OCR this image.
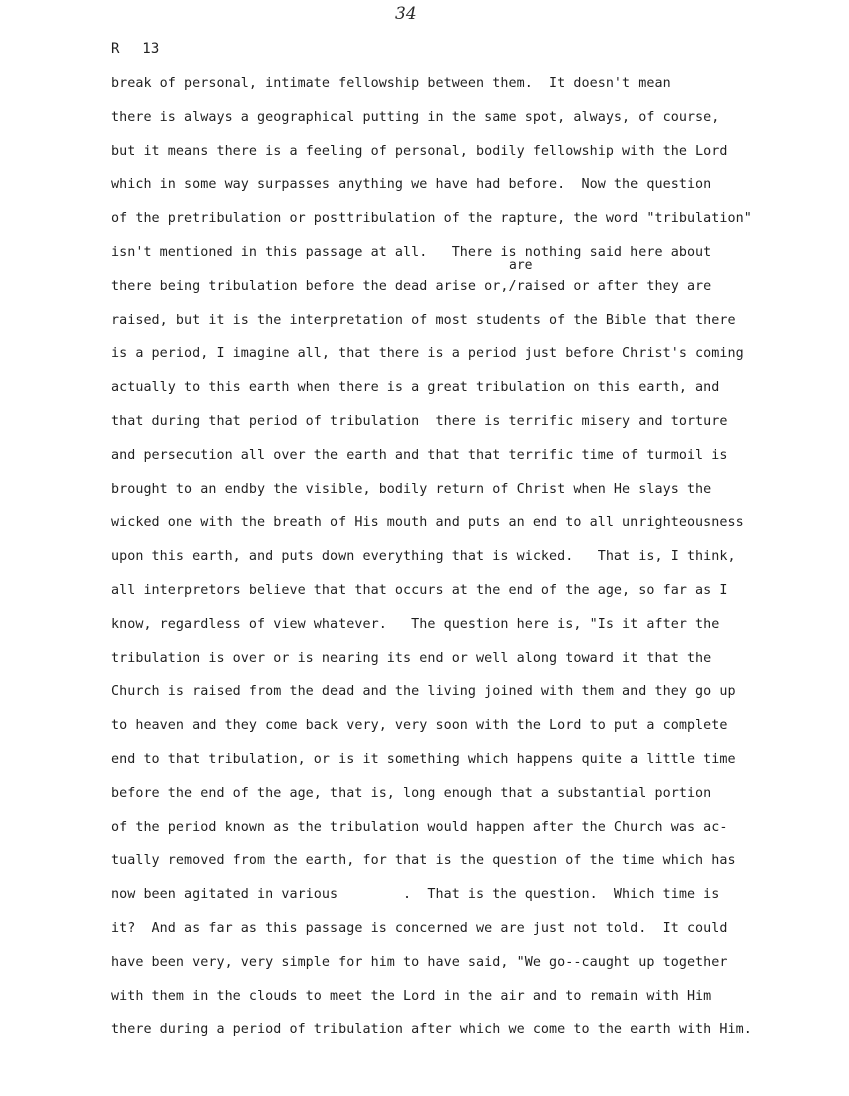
34
R 13
are
break of personal, intimate fellowship between them.  It doesn't mean
there is always a geographical putting in the same spot, always, of course,
but it means there is a feeling of personal, bodily fellowship with the Lord
which in some way surpasses anything we have had before.  Now the question
of the pretribulation or posttribulation of the rapture, the word "tribulation"
isn't mentioned in this passage at all.   There is nothing said here about
there being tribulation before the dead arise or,/raised or after they are
raised, but it is the interpretation of most students of the Bible that there
is a period, I imagine all, that there is a period just before Christ's coming
actually to this earth when there is a great tribulation on this earth, and
that during that period of tribulation  there is terrific misery and torture
and persecution all over the earth and that that terrific time of turmoil is
brought to an endby the visible, bodily return of Christ when He slays the
wicked one with the breath of His mouth and puts an end to all unrighteousness
upon this earth, and puts down everything that is wicked.   That is, I think,
all interpretors believe that that occurs at the end of the age, so far as I
know, regardless of view whatever.   The question here is, "Is it after the
tribulation is over or is nearing its end or well along toward it that the
Church is raised from the dead and the living joined with them and they go up
to heaven and they come back very, very soon with the Lord to put a complete
end to that tribulation, or is it something which happens quite a little time
before the end of the age, that is, long enough that a substantial portion
of the period known as the tribulation would happen after the Church was ac-
tually removed from the earth, for that is the question of the time which has
now been agitated in various        .  That is the question.  Which time is
it?  And as far as this passage is concerned we are just not told.  It could
have been very, very simple for him to have said, "We go--caught up together
with them in the clouds to meet the Lord in the air and to remain with Him
there during a period of tribulation after which we come to the earth with Him.
